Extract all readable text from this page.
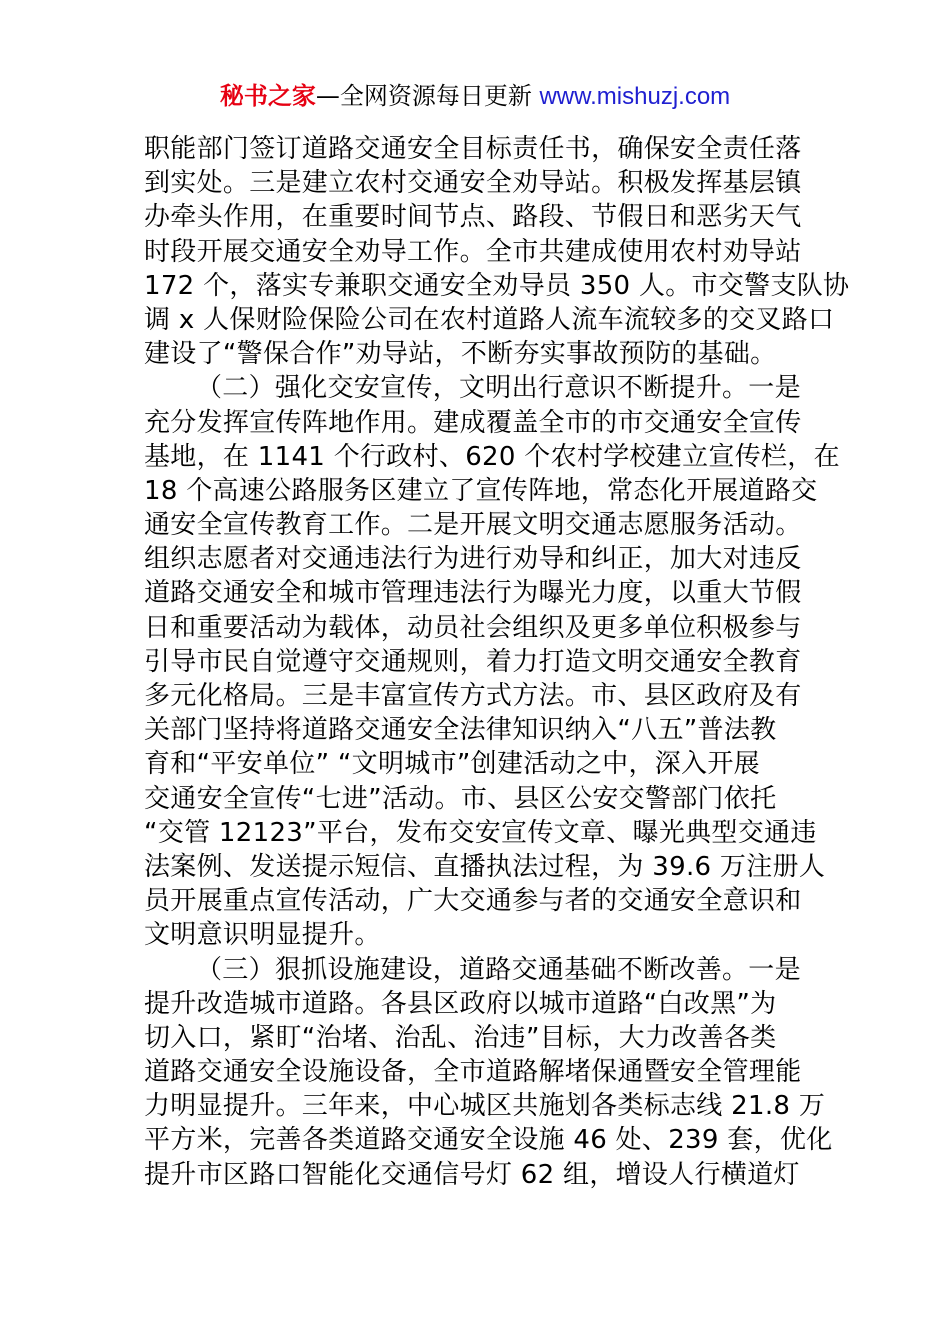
秘书之家—全网资源每日更新 www.mishuzj.com
职能部门签订道路交通安全目标责任书，确保安全责任落
到实处。三是建立农村交通安全劝导站。积极发挥基层镇
办牵头作用，在重要时间节点、路段、节假日和恶劣天气
时段开展交通安全劝导工作。全市共建成使用农村劝导站
172 个，落实专兼职交通安全劝导员 350 人。市交警支队协
调 x 人保财险保险公司在农村道路人流车流较多的交叉路口
建设了“警保合作”劝导站，不断夯实事故预防的基础。
（二）强化交安宣传，文明出行意识不断提升。一是
充分发挥宣传阵地作用。建成覆盖全市的市交通安全宣传
基地，在 1141 个行政村、620 个农村学校建立宣传栏，在
18 个高速公路服务区建立了宣传阵地，常态化开展道路交
通安全宣传教育工作。二是开展文明交通志愿服务活动。
组织志愿者对交通违法行为进行劝导和纠正，加大对违反
道路交通安全和城市管理违法行为曝光力度，以重大节假
日和重要活动为载体，动员社会组织及更多单位积极参与
引导市民自觉遵守交通规则，着力打造文明交通安全教育
多元化格局。三是丰富宣传方式方法。市、县区政府及有
关部门坚持将道路交通安全法律知识纳入“八五”普法教
育和“平安单位” “文明城市”创建活动之中，深入开展
交通安全宣传“七进”活动。市、县区公安交警部门依托
“交管 12123”平台，发布交安宣传文章、曝光典型交通违
法案例、发送提示短信、直播执法过程，为 39.6 万注册人
员开展重点宣传活动，广大交通参与者的交通安全意识和
文明意识明显提升。
（三）狠抓设施建设，道路交通基础不断改善。一是
提升改造城市道路。各县区政府以城市道路“白改黑”为
切入口，紧盯“治堵、治乱、治违”目标，大力改善各类
道路交通安全设施设备，全市道路解堵保通暨安全管理能
力明显提升。三年来，中心城区共施划各类标志线 21.8 万
平方米，完善各类道路交通安全设施 46 处、239 套，优化
提升市区路口智能化交通信号灯 62 组，增设人行横道灯
